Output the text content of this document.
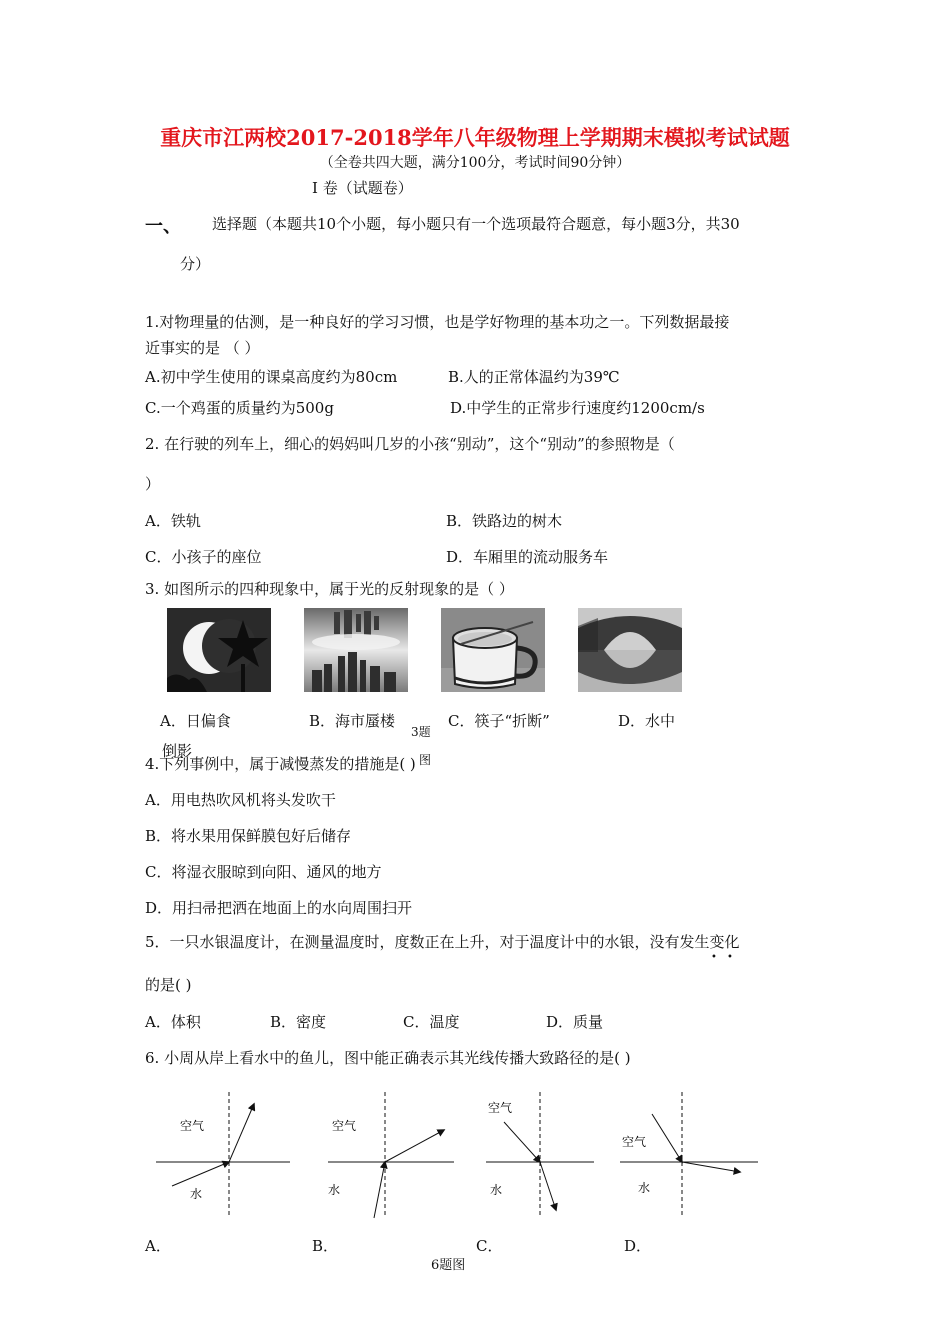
重庆市江两校2017-2018学年八年级物理上学期期末模拟考试试题
（全卷共四大题，满分100分，考试时间90分钟）
Ⅰ 卷（试题卷）
一、 选择题（本题共10个小题，每小题只有一个选项最符合题意，每小题3分，共30
分）
1.对物理量的估测，是一种良好的学习习惯，也是学好物理的基本功之一。下列数据最接
近事实的是 （ ）
A.初中学生使用的课桌高度约为80cm	B.人的正常体温约为39℃
C.一个鸡蛋的质量约为500g	D.中学生的正常步行速度约1200cm/s
2. 在行驶的列车上，细心的妈妈叫几岁的小孩“别动”，这个“别动”的参照物是（
）
A．铁轨	B．铁路边的树木
C．小孩子的座位	D．车厢里的流动服务车
3. 如图所示的四种现象中，属于光的反射现象的是（ ）
A．日偏食	B．海市蜃楼
3题
C．筷子“折断”	D．水中
倒影	图
4.下列事例中，属于减慢蒸发的措施是( )
A．用电热吹风机将头发吹干
B．将水果用保鲜膜包好后储存
C．将湿衣服晾到向阳、通风的地方
D．用扫帚把洒在地面上的水向周围扫开
5．一只水银温度计，在测量温度时，度数正在上升，对于温度计中的水银，没有发生变化
• •
的是( )
A．体积	B．密度	C．温度	D．质量
6. 小周从岸上看水中的鱼儿，图中能正确表示其光线传播大致路径的是( )
空气
水
空气
水
空气
水
空气
水
A．	B．	C．	D．
6题图
